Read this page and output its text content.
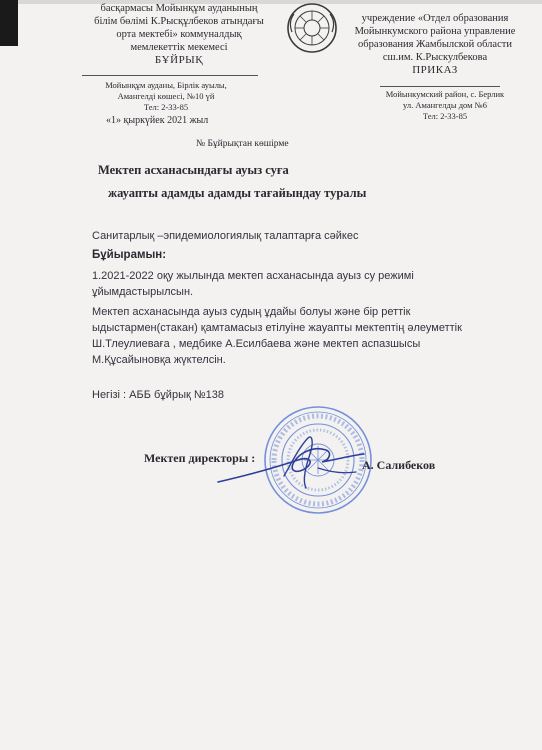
басқармасы Мойынқұм ауданының
білім бөлімі К.Рысқұлбеков атындағы
орта мектебі» коммуналдық
мемлекеттік мекемесі
БҰЙРЫҚ
учреждение «Отдел образования
Мойынкумского района управление
образования Жамбылской области
сш.им. К.Рыскулбекова
ПРИКАЗ
Мойынқұм ауданы, Бірлік ауылы,
Амангелді көшесі, №10 үй
Тел: 2-33-85
Мойынкумский район, с. Берлик
ул. Амангелды дом №6
Тел: 2-33-85
«1» қыркүйек 2021 жыл
№ Бұйрықтан көшірме
Мектеп асханасындағы ауыз суға
жауапты адамды адамды тағайындау туралы
Санитарлық –эпидемиологиялық талаптарға сәйкес
Бұйырамын:
1.2021-2022 оқу жылында мектеп асханасында ауыз су режимі
ұйымдастырылсын.
Мектеп асханасында ауыз судың ұдайы болуы және бір реттік
ыдыстармен(стакан) қамтамасыз етілуіне жауапты мектептің әлеуметтік
Ш.Тлеулиеваға , медбике А.Есилбаева және мектеп аспазшысы
М.Құсайыновқа жүктелсін.
Негізі : АББ бұйрық №138
Мектеп директоры :	А. Салибеков
